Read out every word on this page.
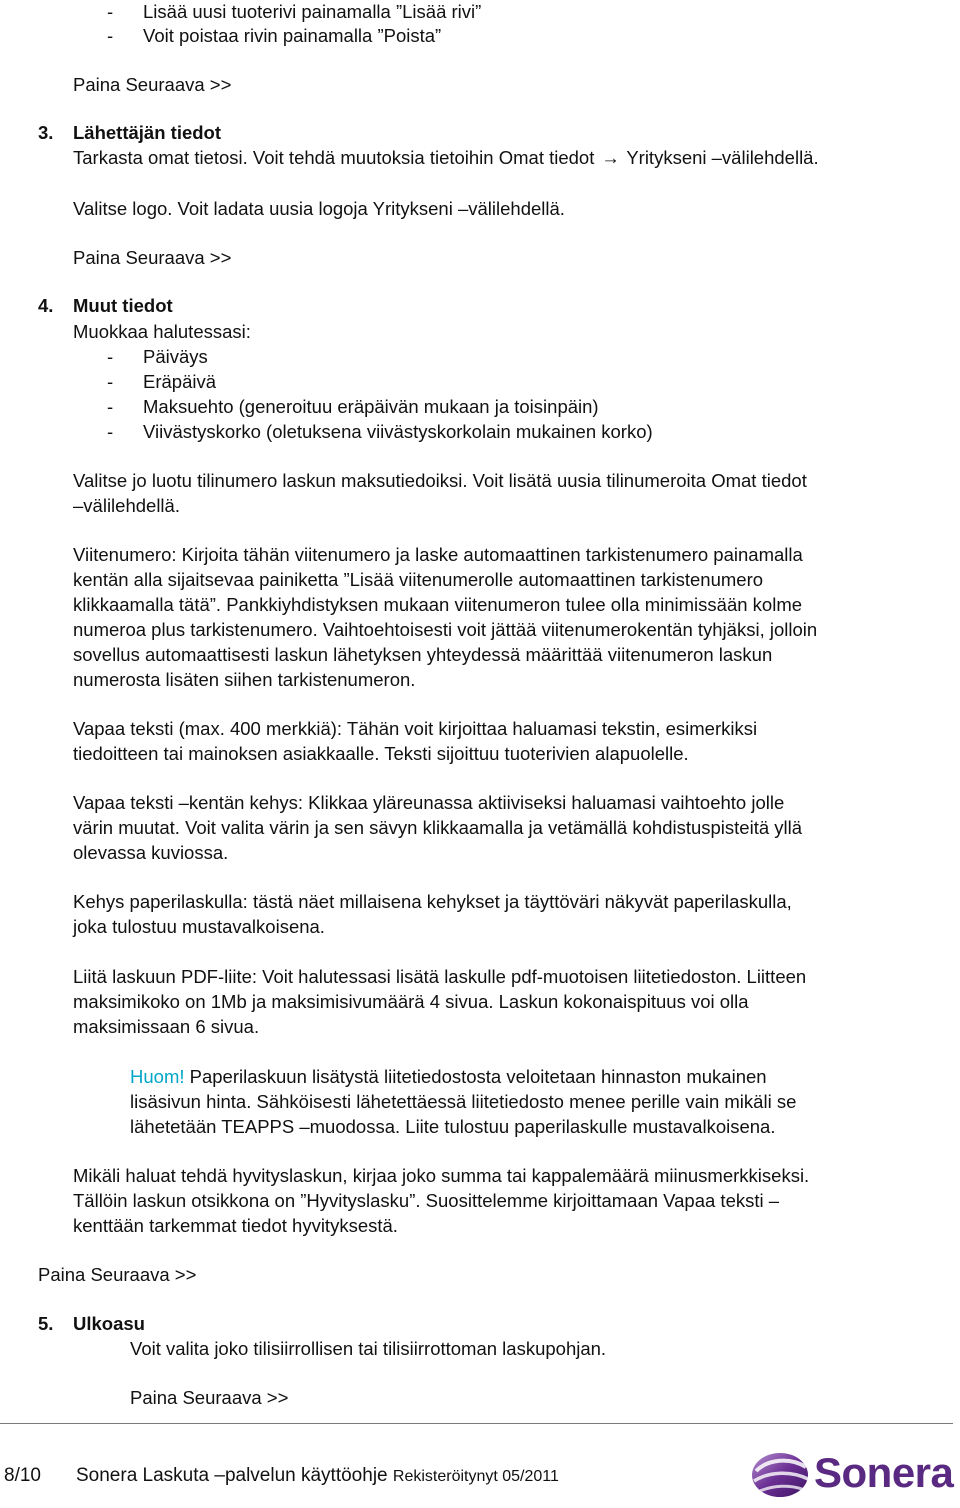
- Lisää uusi tuoterivi painamalla ”Lisää rivi”
- Voit poistaa rivin painamalla ”Poista”
Paina Seuraava >>
3. Lähettäjän tiedot
Tarkasta omat tietosi. Voit tehdä muutoksia tietoihin Omat tiedot → Yritykseni –välilehdellä.
Valitse logo. Voit ladata uusia logoja Yritykseni –välilehdellä.
Paina Seuraava >>
4. Muut tiedot
Muokkaa halutessasi:
- Päiväys
- Eräpäivä
- Maksuehto (generoituu eräpäivän mukaan ja toisinpäin)
- Viivästyskorko (oletuksena viivästyskorkolain mukainen korko)
Valitse jo luotu tilinumero laskun maksutiedoiksi. Voit lisätä uusia tilinumeroita Omat tiedot
–välilehdellä.
Viitenumero: Kirjoita tähän viitenumero ja laske automaattinen tarkistenumero painamalla
kentän alla sijaitsevaa painiketta ”Lisää viitenumerolle automaattinen tarkistenumero
klikkaamalla tätä”. Pankkiyhdistyksen mukaan viitenumeron tulee olla minimissään kolme
numeroa plus tarkistenumero. Vaihtoehtoisesti voit jättää viitenumerokentän tyhjäksi, jolloin
sovellus automaattisesti laskun lähetyksen yhteydessä määrittää viitenumeron laskun
numerosta lisäten siihen tarkistenumeron.
Vapaa teksti (max. 400 merkkiä): Tähän voit kirjoittaa haluamasi tekstin, esimerkiksi
tiedoitteen tai mainoksen asiakkaalle. Teksti sijoittuu tuoterivien alapuolelle.
Vapaa teksti –kentän kehys: Klikkaa yläreunassa aktiiviseksi haluamasi vaihtoehto jolle
värin muutat. Voit valita värin ja sen sävyn klikkaamalla ja vetämällä kohdistuspisteitä yllä
olevassa kuviossa.
Kehys paperilaskulla: tästä näet millaisena kehykset ja täyttöväri näkyvät paperilaskulla,
joka tulostuu mustavalkoisena.
Liitä laskuun PDF-liite: Voit halutessasi lisätä laskulle pdf-muotoisen liitetiedoston. Liitteen
maksimikoko on 1Mb ja maksimisivumäärä 4 sivua. Laskun kokonaispituus voi olla
maksimissaan 6 sivua.
Huom! Paperilaskuun lisätystä liitetiedostosta veloitetaan hinnaston mukainen
lisäsivun hinta. Sähköisesti lähetettäessä liitetiedosto menee perille vain mikäli se
lähetetään TEAPPS –muodossa. Liite tulostuu paperilaskulle mustavalkoisena.
Mikäli haluat tehdä hyvityslaskun, kirjaa joko summa tai kappalemäärä miinusmerkkiseksi.
Tällöin laskun otsikkona on ”Hyvityslasku”. Suosittelemme kirjoittamaan Vapaa teksti –
kenttään tarkemmat tiedot hyvityksestä.
Paina Seuraava >>
5. Ulkoasu
Voit valita joko tilisiirrollisen tai tilisiirrottoman laskupohjan.
Paina Seuraava >>
8/10 Sonera Laskuta –palvelun käyttöohje Rekisteröitynyt 05/2011	Sonera
